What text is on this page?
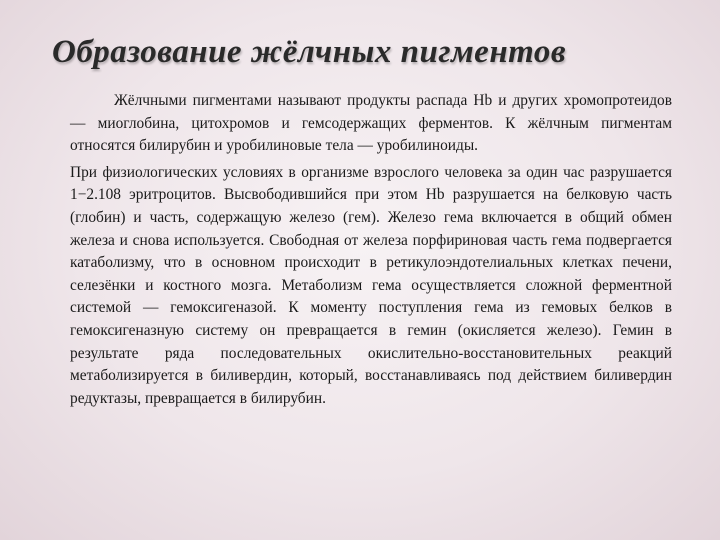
Образование жёлчных пигментов

Жёлчными пигментами называют продукты распада Hb и других хромопротеидов — миоглобина, цитохромов и гемсодержащих ферментов. К жёлчным пигментам относятся билирубин и уробилиновые тела — уробилиноиды.

При физиологических условиях в организме взрослого человека за один час разрушается 1−2.108 эритроцитов. Высвободившийся при этом Hb разрушается на белковую часть (глобин) и часть, содержащую железо (гем). Железо гема включается в общий обмен железа и снова используется. Свободная от железа порфириновая часть гема подвергается катаболизму, что в основном происходит в ретикулоэндотелиальных клетках печени, селезёнки и костного мозга. Метаболизм гема осуществляется сложной ферментной системой — гемоксигеназой. К моменту поступления гема из гемовых белков в гемоксигеназную систему он превращается в гемин (окисляется железо). Гемин в результате ряда последовательных окислительно-восстановительных реакций метаболизируется в биливердин, который, восстанавливаясь под действием биливердин редуктазы, превращается в билирубин.
